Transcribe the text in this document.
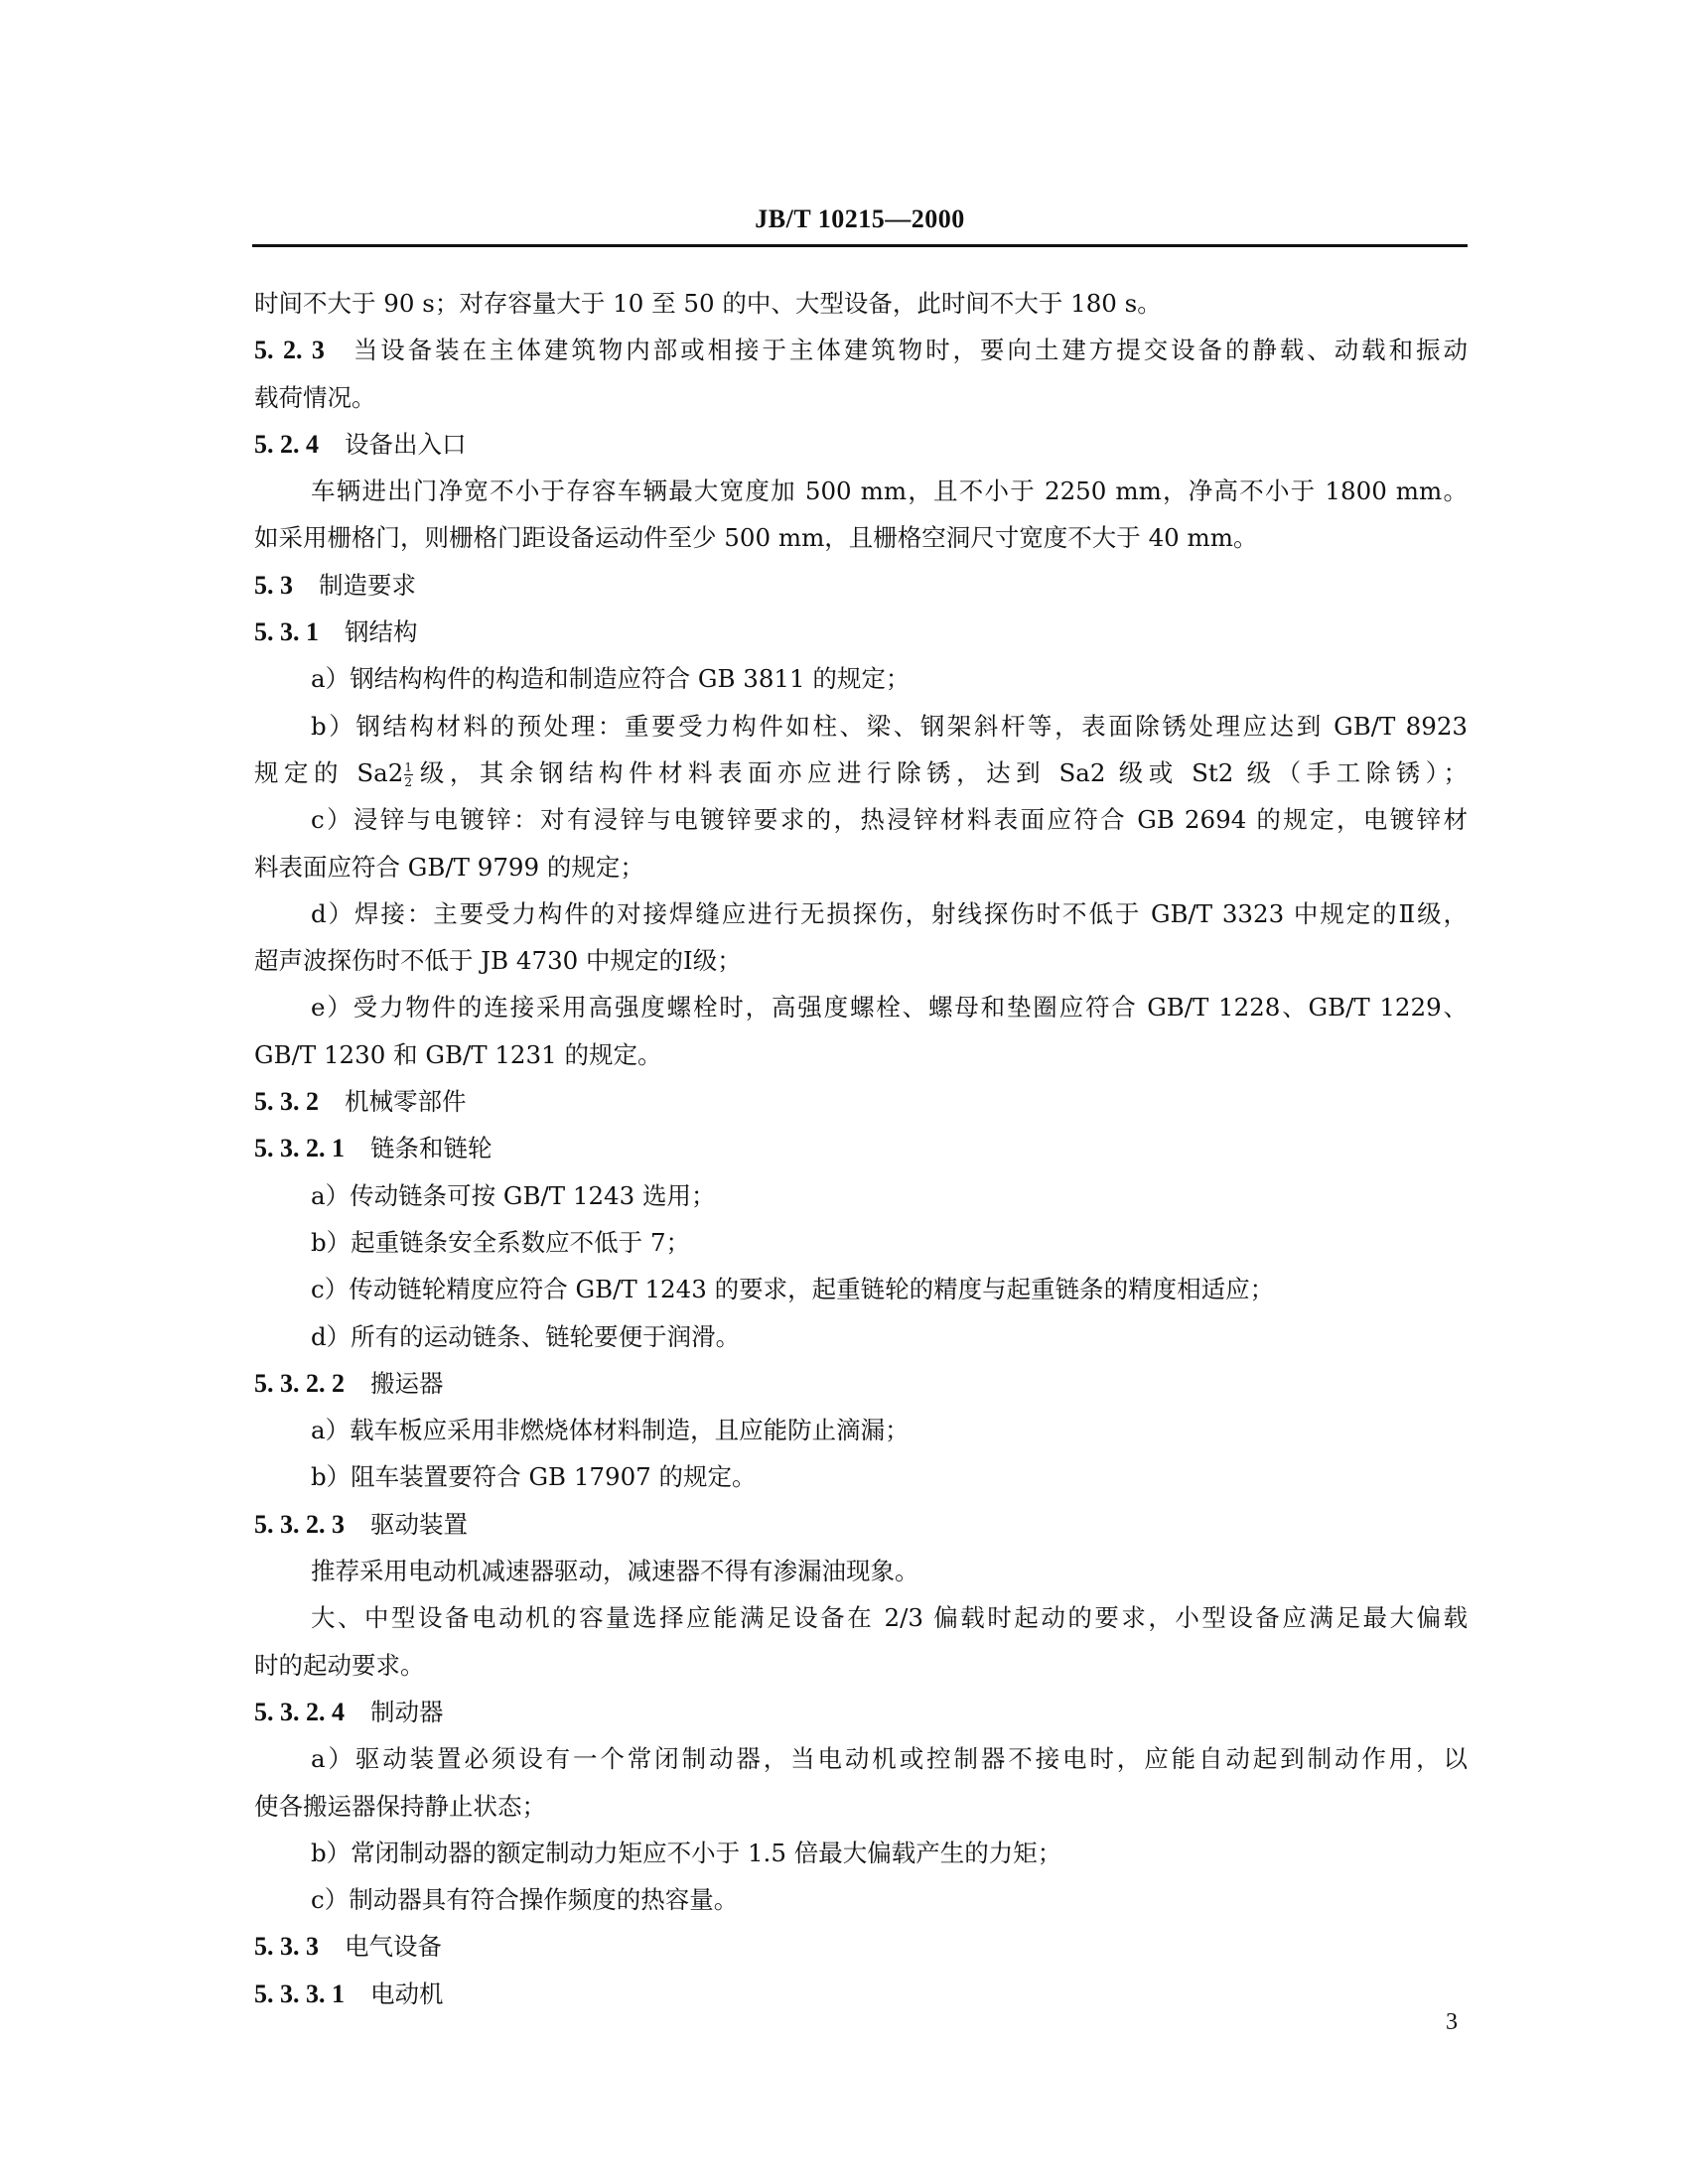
JB/T 10215—2000
时间不大于 90 s；对存容量大于 10 至 50 的中、大型设备，此时间不大于 180 s。
5. 2. 3 当设备装在主体建筑物内部或相接于主体建筑物时，要向土建方提交设备的静载、动载和振动
载荷情况。
5. 2. 4 设备出入口
车辆进出门净宽不小于存容车辆最大宽度加 500 mm，且不小于 2250 mm，净高不小于 1800 mm。
如采用栅格门，则栅格门距设备运动件至少 500 mm，且栅格空洞尺寸宽度不大于 40 mm。
5. 3 制造要求
5. 3. 1 钢结构
a）钢结构构件的构造和制造应符合 GB 3811 的规定；
b）钢结构材料的预处理：重要受力构件如柱、梁、钢架斜杆等，表面除锈处理应达到 GB/T 8923
规定的 $Sa2 \frac{1}{2}$ 级，其余钢结构件材料表面亦应进行除锈，达到 Sa2 级或 St2 级（手工除锈）；
c）浸锌与电镀锌：对有浸锌与电镀锌要求的，热浸锌材料表面应符合 GB 2694 的规定，电镀锌材
料表面应符合 GB/T 9799 的规定；
d）焊接：主要受力构件的对接焊缝应进行无损探伤，射线探伤时不低于 GB/T 3323 中规定的Ⅱ级，
超声波探伤时不低于 JB 4730 中规定的Ⅰ级；
e）受力物件的连接采用高强度螺栓时，高强度螺栓、螺母和垫圈应符合 GB/T 1228、GB/T 1229、
GB/T 1230 和 GB/T 1231 的规定。
5. 3. 2 机械零部件
5. 3. 2. 1 链条和链轮
a）传动链条可按 GB/T 1243 选用；
b）起重链条安全系数应不低于 7；
c）传动链轮精度应符合 GB/T 1243 的要求，起重链轮的精度与起重链条的精度相适应；
d）所有的运动链条、链轮要便于润滑。
5. 3. 2. 2 搬运器
a）载车板应采用非燃烧体材料制造，且应能防止滴漏；
b）阻车装置要符合 GB 17907 的规定。
5. 3. 2. 3 驱动装置
推荐采用电动机减速器驱动，减速器不得有渗漏油现象。
大、中型设备电动机的容量选择应能满足设备在 2/3 偏载时起动的要求，小型设备应满足最大偏载
时的起动要求。
5. 3. 2. 4 制动器
a）驱动装置必须设有一个常闭制动器，当电动机或控制器不接电时，应能自动起到制动作用，以
使各搬运器保持静止状态；
b）常闭制动器的额定制动力矩应不小于 1.5 倍最大偏载产生的力矩；
c）制动器具有符合操作频度的热容量。
5. 3. 3 电气设备
5. 3. 3. 1 电动机
3
